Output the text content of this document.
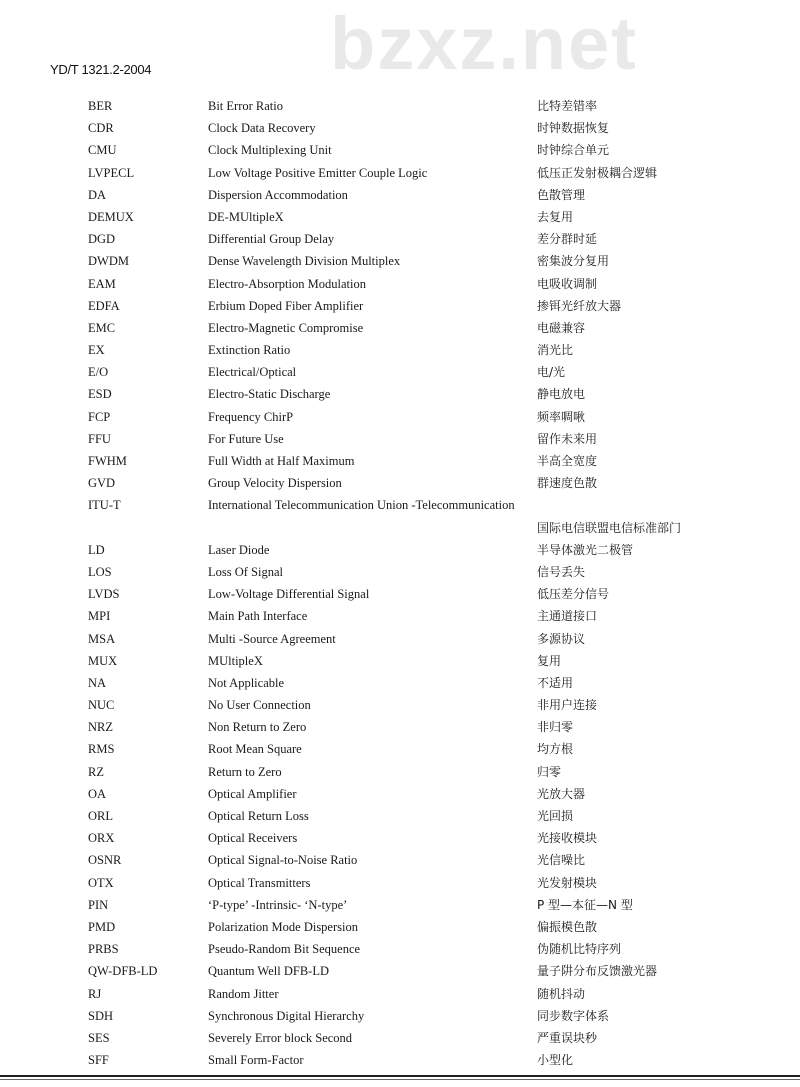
YD/T 1321.2-2004 bzxz.net
BER	Bit Error Ratio	比特差错率
CDR	Clock Data Recovery	时钟数据恢复
CMU	Clock Multiplexing Unit	时钟综合单元
LVPECL	Low Voltage Positive Emitter Couple Logic	低压正发射极耦合逻辑
DA	Dispersion Accommodation	色散管理
DEMUX	DE-MUltipleX	去复用
DGD	Differential Group Delay	差分群时延
DWDM	Dense Wavelength Division Multiplex	密集波分复用
EAM	Electro-Absorption Modulation	电吸收调制
EDFA	Erbium Doped Fiber Amplifier	掺铒光纤放大器
EMC	Electro-Magnetic Compromise	电磁兼容
EX	Extinction Ratio	消光比
E/O	Electrical/Optical	电/光
ESD	Electro-Static Discharge	静电放电
FCP	Frequency ChirP	频率啁啾
FFU	For Future Use	留作未来用
FWHM	Full Width at Half Maximum	半高全宽度
GVD	Group Velocity Dispersion	群速度色散
ITU-T	International Telecommunication Union -Telecommunication
国际电信联盟电信标准部门
LD	Laser Diode	半导体激光二极管
LOS	Loss Of Signal	信号丢失
LVDS	Low-Voltage Differential Signal	低压差分信号
MPI	Main Path Interface	主通道接口
MSA	Multi -Source Agreement	多源协议
MUX	MUltipleX	复用
NA	Not Applicable	不适用
NUC	No User Connection	非用户连接
NRZ	Non Return to Zero	非归零
RMS	Root Mean Square	均方根
RZ	Return to Zero	归零
OA	Optical Amplifier	光放大器
ORL	Optical Return Loss	光回损
ORX	Optical Receivers	光接收模块
OSNR	Optical Signal-to-Noise Ratio	光信噪比
OTX	Optical Transmitters	光发射模块
PIN	‘P-type’ -Intrinsic- ‘N-type’	P 型—本征—N 型
PMD	Polarization Mode Dispersion	偏振模色散
PRBS	Pseudo-Random Bit Sequence	伪随机比特序列
QW-DFB-LD	Quantum Well DFB-LD	量子阱分布反馈激光器
RJ	Random Jitter	随机抖动
SDH	Synchronous Digital Hierarchy	同步数字体系
SES	Severely Error block Second	严重误块秒
SFF	Small Form-Factor	小型化
